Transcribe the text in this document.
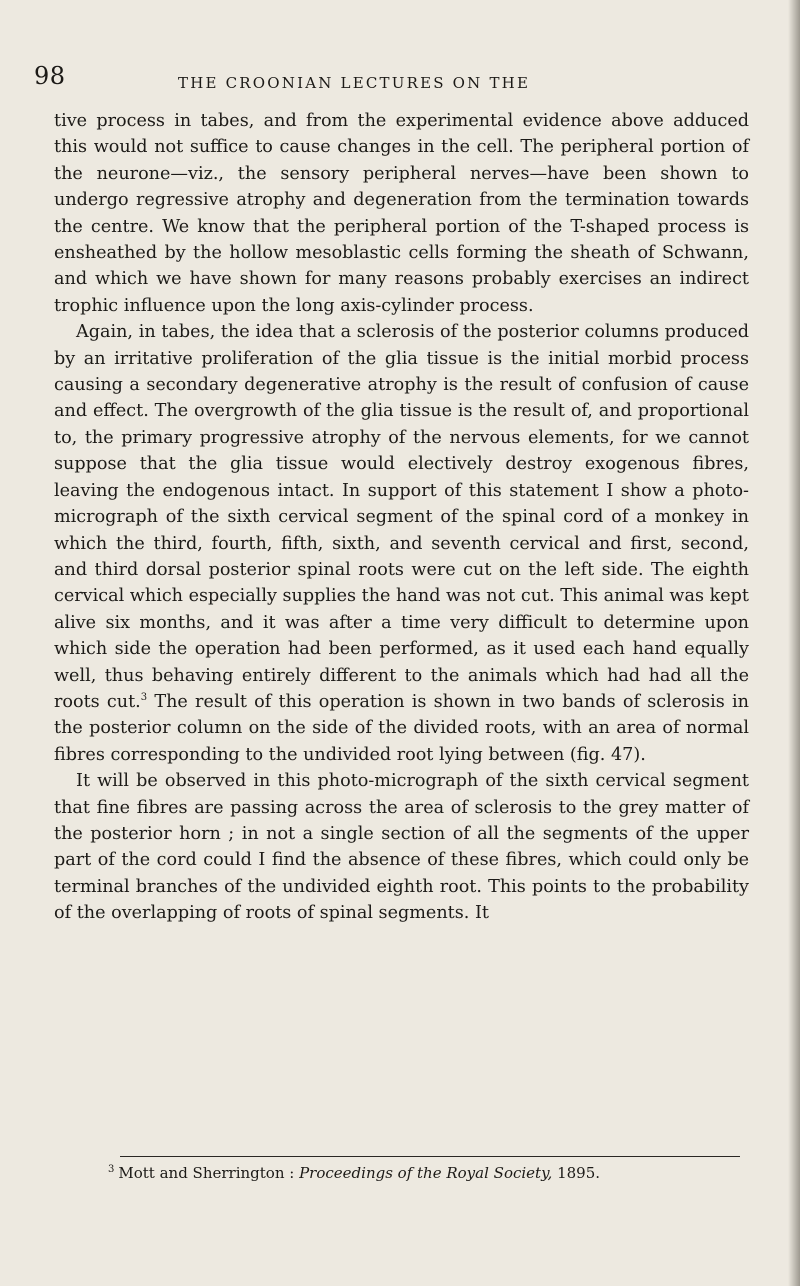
98	THE CROONIAN LECTURES ON THE

tive process in tabes, and from the experimental evidence above adduced this would not suffice to cause changes in the cell. The peripheral portion of the neurone—viz., the sensory peripheral nerves—have been shown to undergo regressive atrophy and degeneration from the termination towards the centre. We know that the peripheral portion of the T-shaped process is ensheathed by the hollow mesoblastic cells forming the sheath of Schwann, and which we have shown for many reasons probably exercises an indirect trophic influence upon the long axis-cylinder process.

Again, in tabes, the idea that a sclerosis of the posterior columns produced by an irritative proliferation of the glia tissue is the initial morbid process causing a secondary degenerative atrophy is the result of confusion of cause and effect. The overgrowth of the glia tissue is the result of, and proportional to, the primary progressive atrophy of the nervous elements, for we cannot suppose that the glia tissue would electively destroy exogenous fibres, leaving the endogenous intact. In support of this statement I show a photo-micrograph of the sixth cervical segment of the spinal cord of a monkey in which the third, fourth, fifth, sixth, and seventh cervical and first, second, and third dorsal posterior spinal roots were cut on the left side. The eighth cervical which especially supplies the hand was not cut. This animal was kept alive six months, and it was after a time very difficult to determine upon which side the operation had been performed, as it used each hand equally well, thus behaving entirely different to the animals which had had all the roots cut.$^3$ The result of this operation is shown in two bands of sclerosis in the posterior column on the side of the divided roots, with an area of normal fibres corresponding to the undivided root lying between (fig. 47).

It will be observed in this photo-micrograph of the sixth cervical segment that fine fibres are passing across the area of sclerosis to the grey matter of the posterior horn ; in not a single section of all the segments of the upper part of the cord could I find the absence of these fibres, which could only be terminal branches of the undivided eighth root. This points to the probability of the overlapping of roots of spinal segments. It

$^3$ Mott and Sherrington : Proceedings of the Royal Society, 1895.
